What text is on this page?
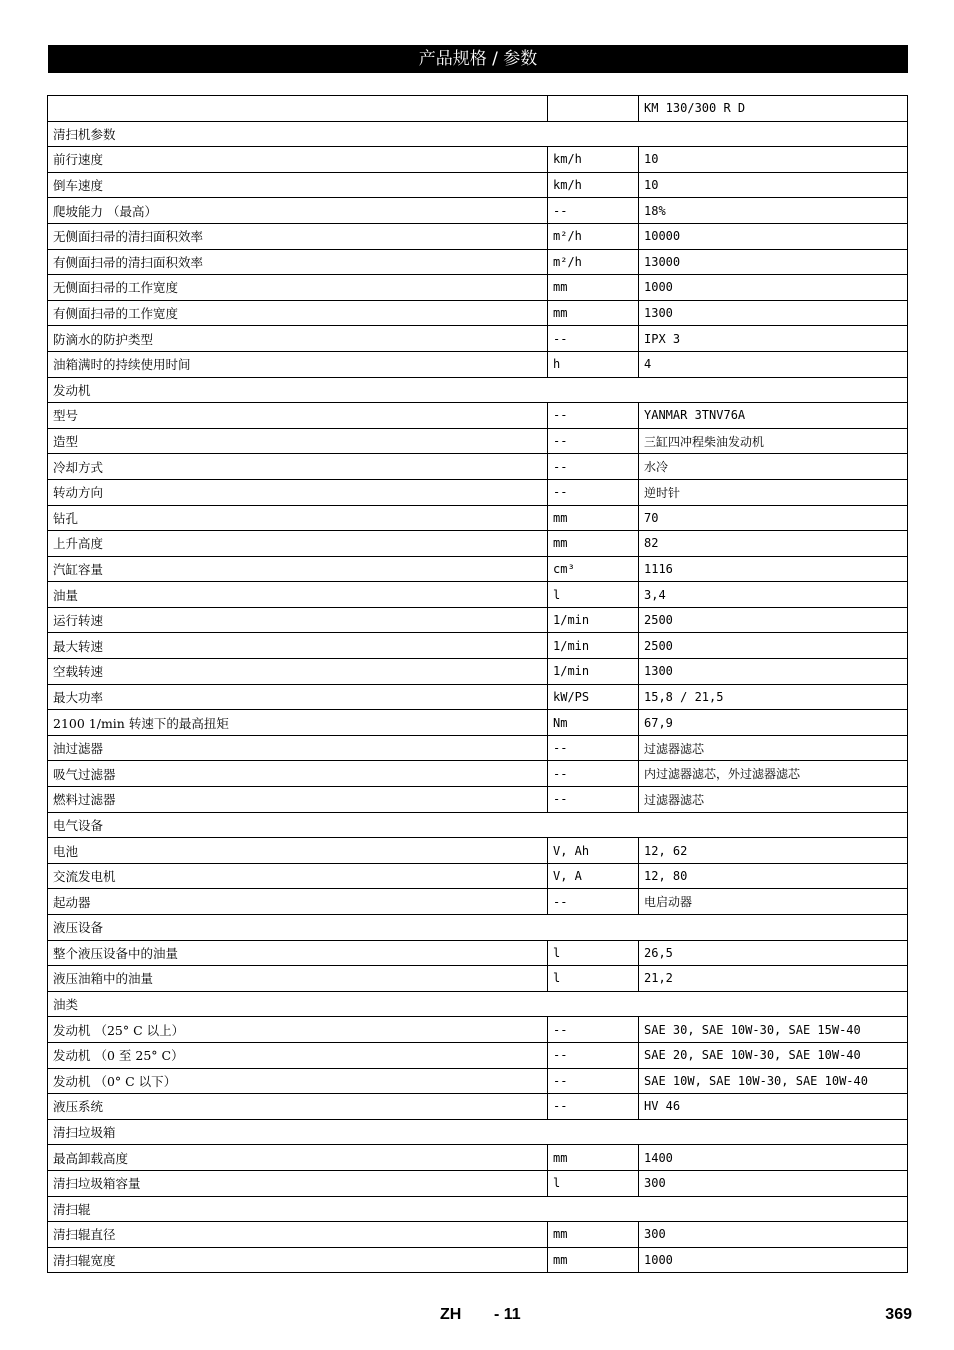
产品规格 / 参数
		KM 130/300 R D
清扫机参数		
前行速度	km/h	10
倒车速度	km/h	10
爬坡能力 （最高）	--	18%
无侧面扫帚的清扫面积效率	m²/h	10000
有侧面扫帚的清扫面积效率	m²/h	13000
无侧面扫帚的工作宽度	mm	1000
有侧面扫帚的工作宽度	mm	1300
防滴水的防护类型	--	IPX 3
油箱满时的持续使用时间	h	4
发动机		
型号	--	YANMAR 3TNV76A
造型	--	三缸四冲程柴油发动机
冷却方式	--	水冷
转动方向	--	逆时针
钻孔	mm	70
上升高度	mm	82
汽缸容量	cm³	1116
油量	l	3,4
运行转速	1/min	2500
最大转速	1/min	2500
空载转速	1/min	1300
最大功率	kW/PS	15,8 / 21,5
2100 1/min 转速下的最高扭矩	Nm	67,9
油过滤器	--	过滤器滤芯
吸气过滤器	--	内过滤器滤芯，外过滤器滤芯
燃料过滤器	--	过滤器滤芯
电气设备		
电池	V, Ah	12, 62
交流发电机	V, A	12, 80
起动器	--	电启动器
液压设备		
整个液压设备中的油量	l	26,5
液压油箱中的油量	l	21,2
油类		
发动机 （25° C 以上）	--	SAE 30, SAE 10W-30, SAE 15W-40
发动机 （0 至 25° C）	--	SAE 20, SAE 10W-30, SAE 10W-40
发动机 （0° C 以下）	--	SAE 10W, SAE 10W-30, SAE 10W-40
液压系统	--	HV 46
清扫垃圾箱		
最高卸载高度	mm	1400
清扫垃圾箱容量	l	300
清扫辊		
清扫辊直径	mm	300
清扫辊宽度	mm	1000
ZH - 11	369
